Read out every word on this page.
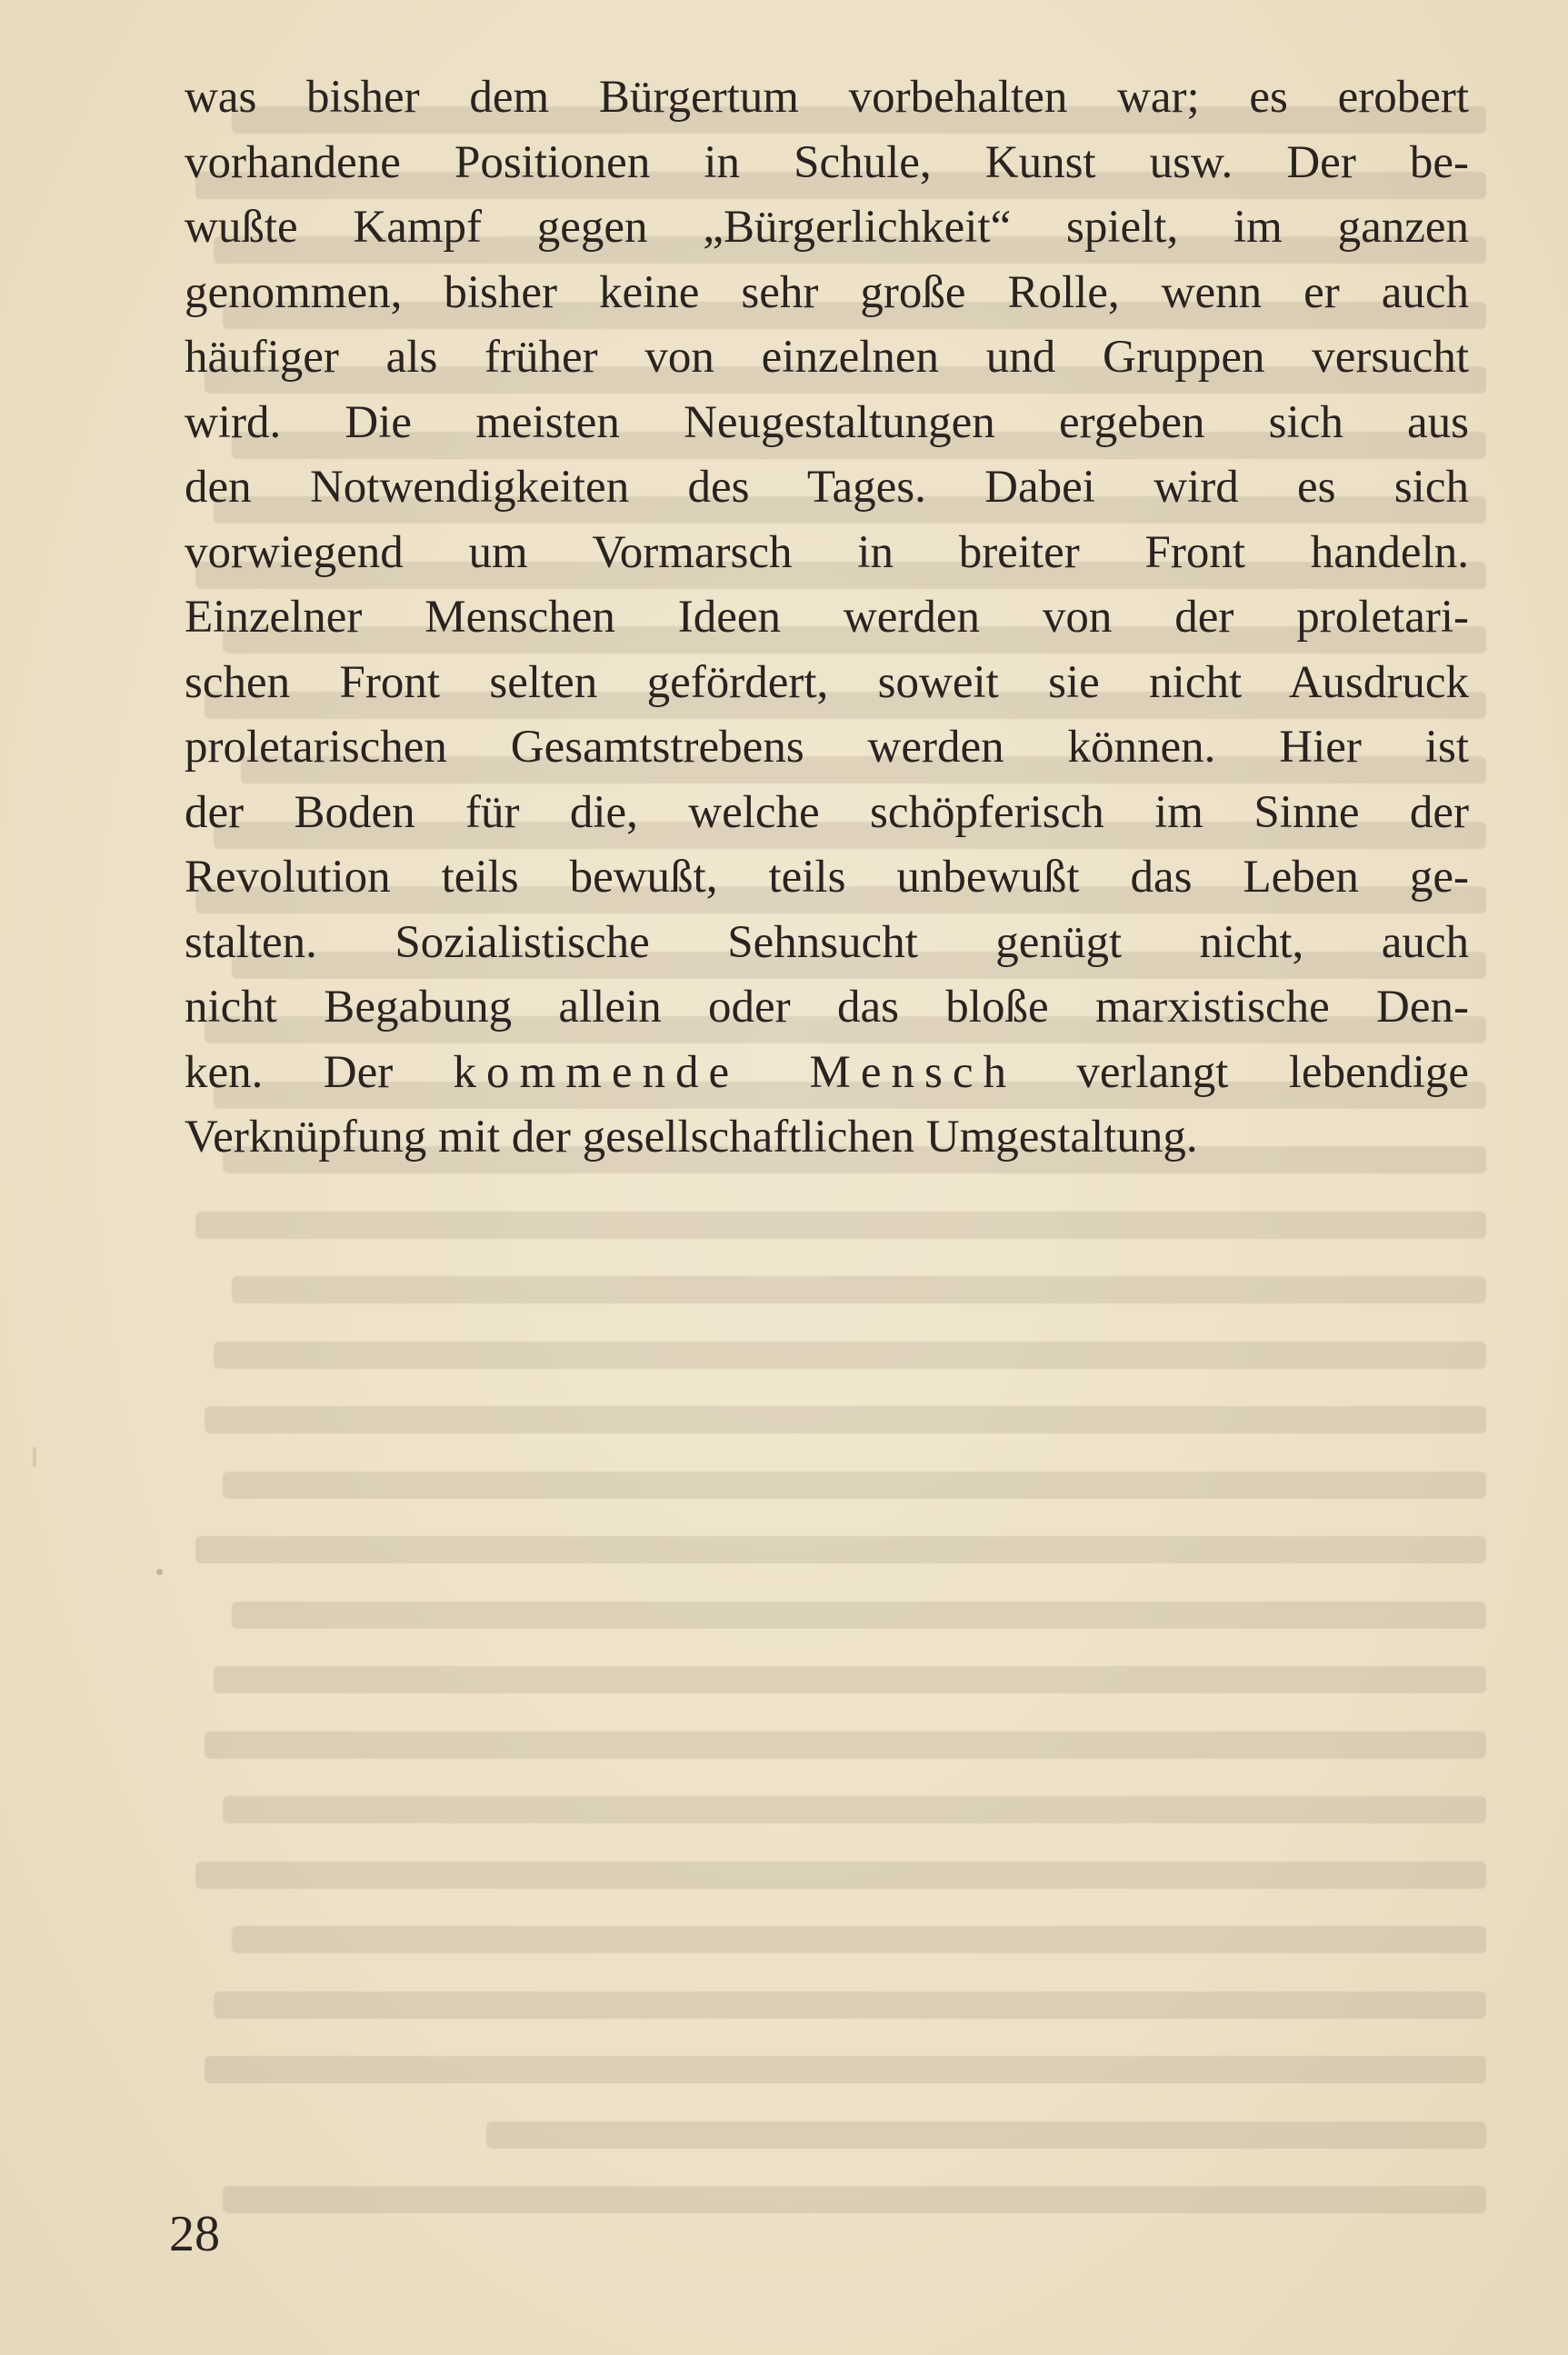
was bisher dem Bürgertum vorbehalten war; es erobert
vorhandene Positionen in Schule, Kunst usw. Der be-
wußte Kampf gegen „Bürgerlichkeit“ spielt, im ganzen
genommen, bisher keine sehr große Rolle, wenn er auch
häufiger als früher von einzelnen und Gruppen versucht
wird. Die meisten Neugestaltungen ergeben sich aus
den Notwendigkeiten des Tages. Dabei wird es sich
vorwiegend um Vormarsch in breiter Front handeln.
Einzelner Menschen Ideen werden von der proletari-
schen Front selten gefördert, soweit sie nicht Ausdruck
proletarischen Gesamtstrebens werden können. Hier ist
der Boden für die, welche schöpferisch im Sinne der
Revolution teils bewußt, teils unbewußt das Leben ge-
stalten. Sozialistische Sehnsucht genügt nicht, auch
nicht Begabung allein oder das bloße marxistische Den-
ken. Der kommende Mensch verlangt lebendige
Verknüpfung mit der gesellschaftlichen Umgestaltung.
28
